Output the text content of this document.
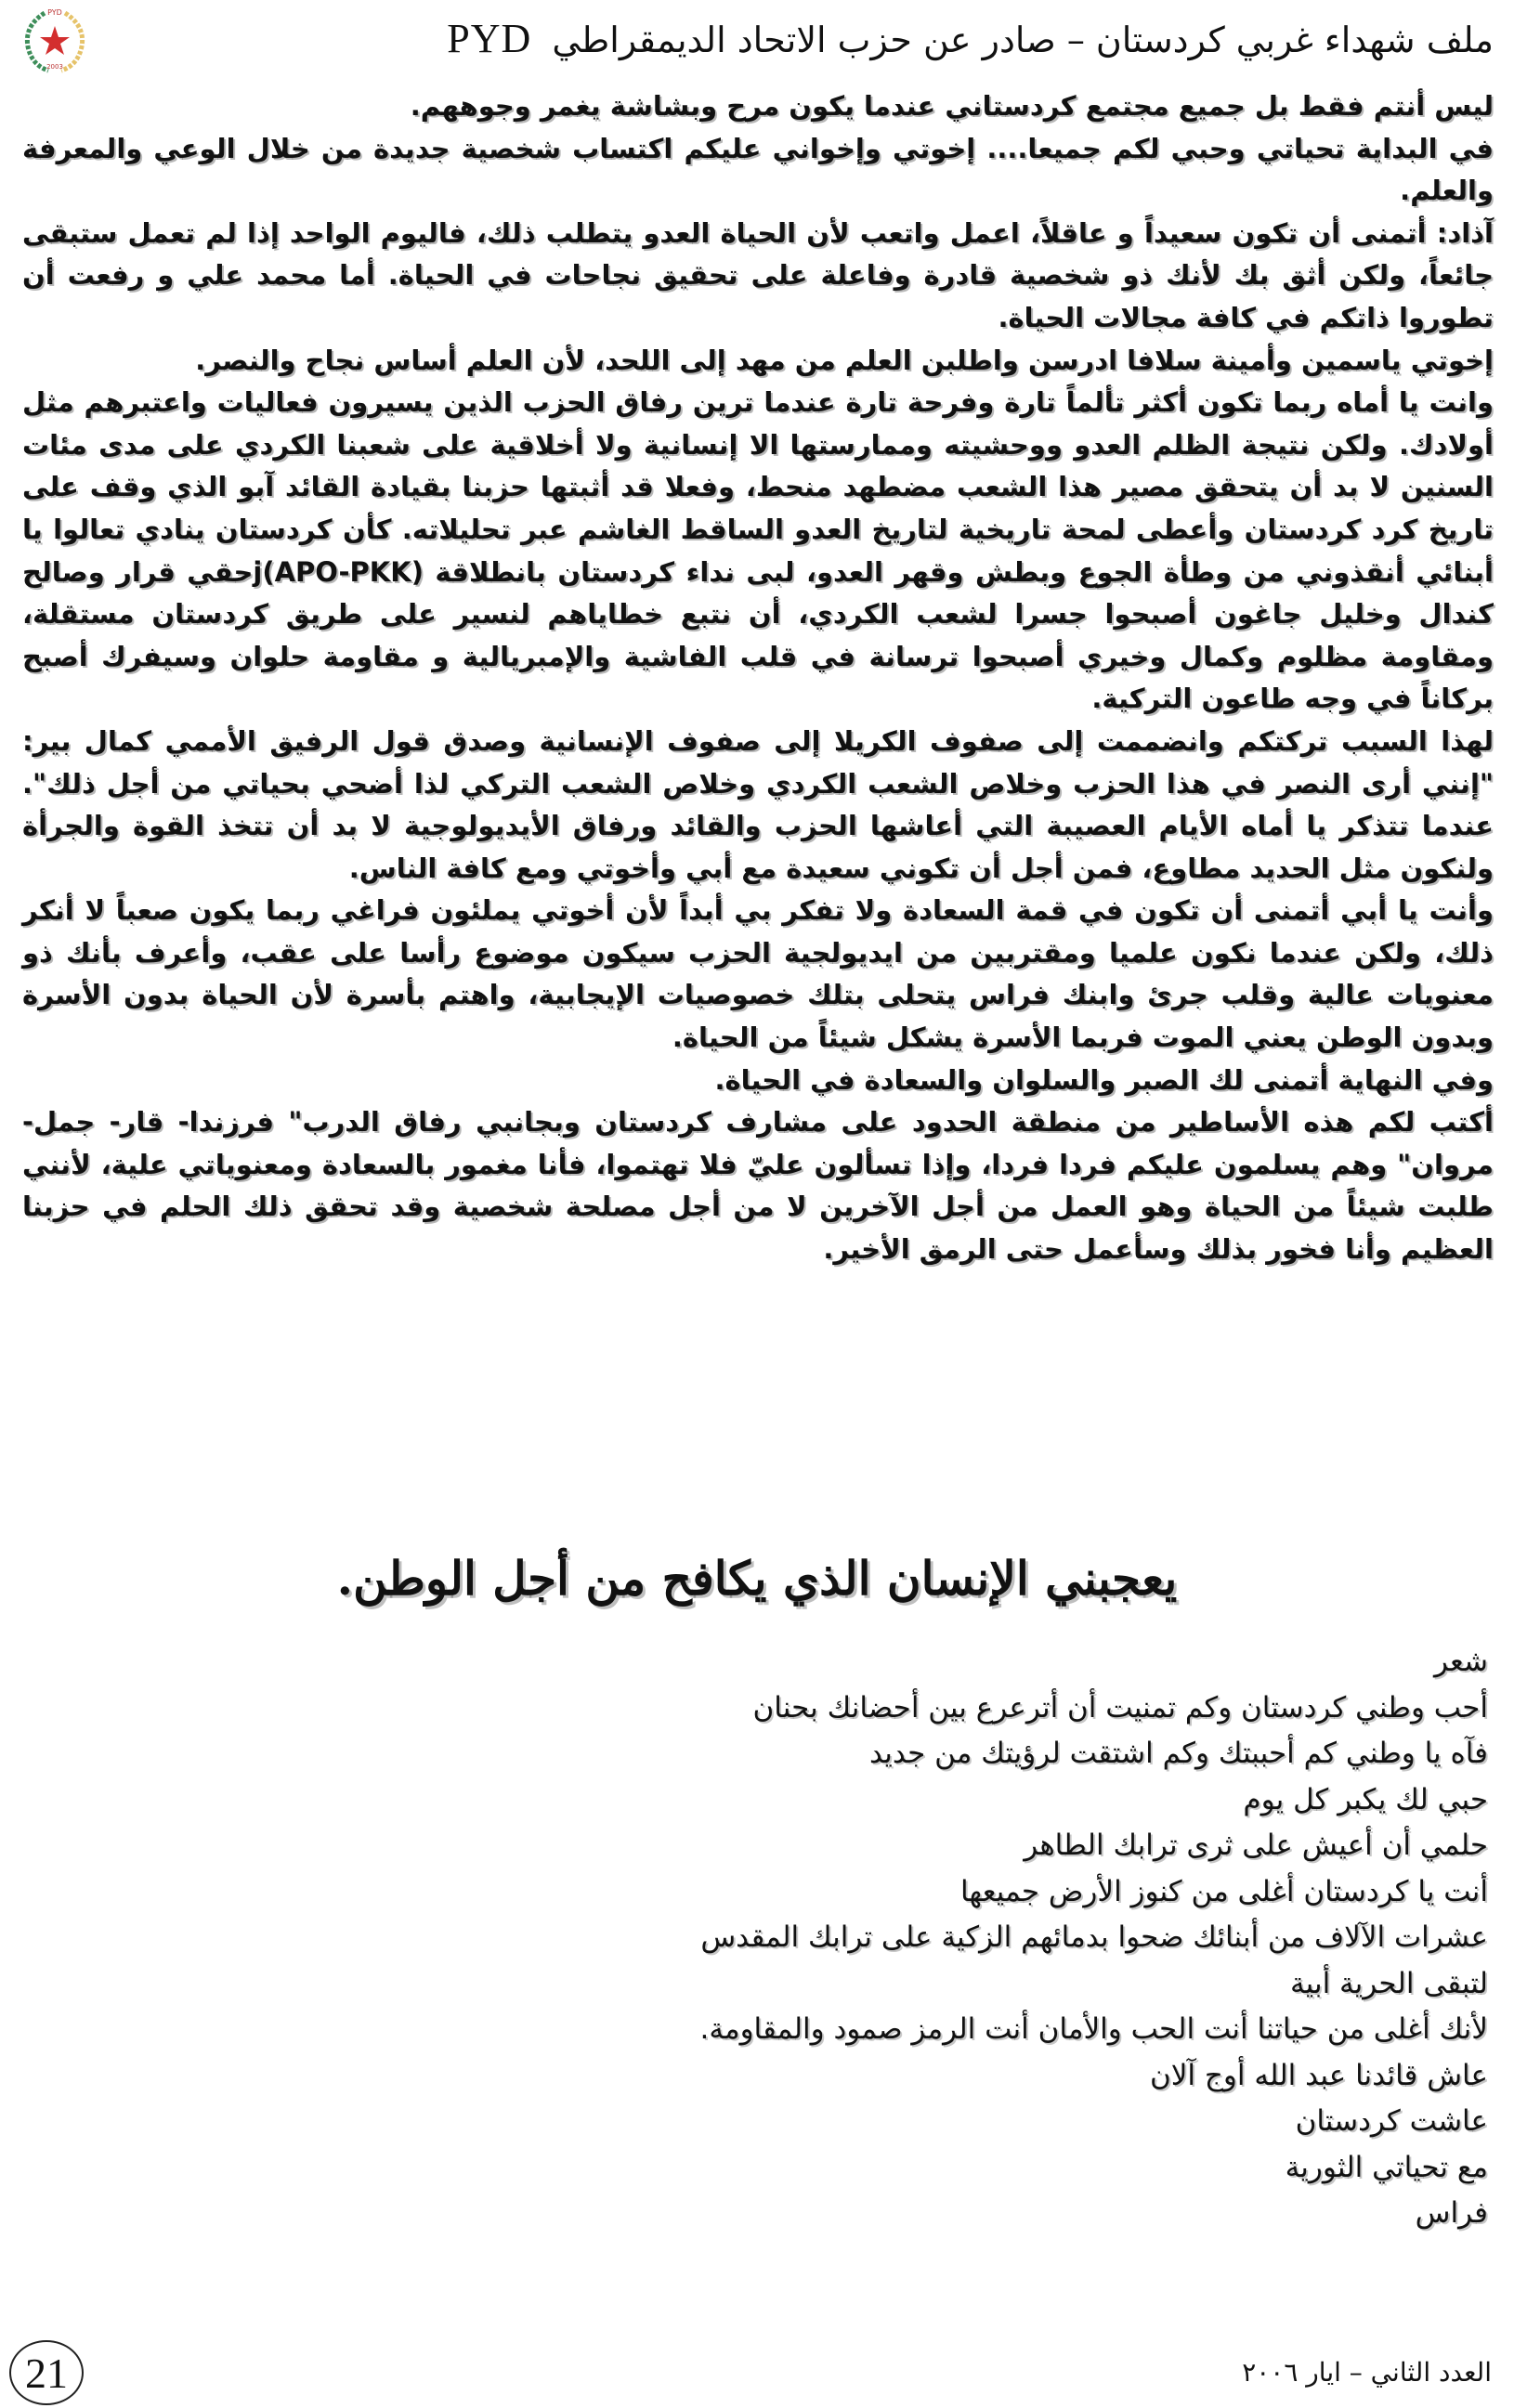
PYD
2003
ملف شهداء غربي كردستان – صادر عن حزب الاتحاد الديمقراطي PYD

ليس أنتم فقط بل جميع مجتمع كردستاني عندما يكون مرح وبشاشة يغمر وجوههم.

في البداية تحياتي وحبي لكم جميعا.... إخوتي وإخواني عليكم اكتساب شخصية جديدة من خلال الوعي والمعرفة والعلم.

آذاد: أتمنى أن تكون سعيداً و عاقلاً، اعمل واتعب لأن الحياة العدو يتطلب ذلك، فاليوم الواحد إذا لم تعمل ستبقى جائعاً، ولكن أثق بك لأنك ذو شخصية قادرة وفاعلة على تحقيق نجاحات في الحياة. أما محمد علي و رفعت أن تطوروا ذاتكم في كافة مجالات الحياة.

إخوتي ياسمين وأمينة سلافا ادرسن واطلبن العلم من مهد إلى اللحد، لأن العلم أساس نجاح والنصر.

وانت يا أماه ربما تكون أكثر تألماً تارة وفرحة تارة عندما ترين رفاق الحزب الذين يسيرون فعاليات واعتبرهم مثل أولادك. ولكن نتيجة الظلم العدو ووحشيته وممارستها الا إنسانية ولا أخلاقية على شعبنا الكردي على مدى مئات السنين لا بد أن يتحقق مصير هذا الشعب مضطهد منحط، وفعلا قد أثبتها حزبنا بقيادة القائد آبو الذي وقف على تاريخ كرد كردستان وأعطى لمحة تاريخية لتاريخ العدو الساقط الغاشم عبر تحليلاته. كأن كردستان ينادي تعالوا يا أبنائي أنقذوني من وطأة الجوع وبطش وقهر العدو، لبى نداء كردستان بانطلاقة j(APO-PKK)حقي قرار وصالح كندال وخليل جاغون أصبحوا جسرا لشعب الكردي، أن نتبع خطاياهم لنسير على طريق كردستان مستقلة، ومقاومة مظلوم وكمال وخيري أصبحوا ترسانة في قلب الفاشية والإمبريالية و مقاومة حلوان وسيفرك أصبح بركاناً في وجه طاعون التركية.

لهذا السبب تركتكم وانضممت إلى صفوف الكريلا إلى صفوف الإنسانية وصدق قول الرفيق الأممي كمال بير: "إنني أرى النصر في هذا الحزب وخلاص الشعب الكردي وخلاص الشعب التركي لذا أضحي بحياتي من أجل ذلك". عندما تتذكر يا أماه الأيام العصيبة التي أعاشها الحزب والقائد ورفاق الأيديولوجية لا بد أن تتخذ القوة والجرأة ولنكون مثل الحديد مطاوع، فمن أجل أن تكوني سعيدة مع أبي وأخوتي ومع كافة الناس.

وأنت يا أبي أتمنى أن تكون في قمة السعادة ولا تفكر بي أبداً لأن أخوتي يملئون فراغي ربما يكون صعباً لا أنكر ذلك، ولكن عندما نكون علميا ومقتربين من ايديولجية الحزب سيكون موضوع رأسا على عقب، وأعرف بأنك ذو معنويات عالية وقلب جرئ وابنك فراس يتحلى بتلك خصوصيات الإيجابية، واهتم بأسرة لأن الحياة بدون الأسرة وبدون الوطن يعني الموت فربما الأسرة يشكل شيئاً من الحياة.

وفي النهاية أتمنى لك الصبر والسلوان والسعادة في الحياة.

أكتب لكم هذه الأساطير من منطقة الحدود على مشارف كردستان وبجانبي رفاق الدرب" فرزندا- قار- جمل- مروان" وهم يسلمون عليكم فردا فردا، وإذا تسألون عليّ فلا تهتموا، فأنا مغمور بالسعادة ومعنوياتي علية، لأنني طلبت شيئاً من الحياة وهو العمل من أجل الآخرين لا من أجل مصلحة شخصية وقد تحقق ذلك الحلم في حزبنا العظيم وأنا فخور بذلك وسأعمل حتى الرمق الأخير.

يعجبني الإنسان الذي يكافح من أجل الوطن.
شعر
أحب وطني كردستان وكم تمنيت أن أترعرع بين أحضانك بحنان
فآه يا وطني كم أحببتك وكم اشتقت لرؤيتك من جديد
حبي لك يكبر كل يوم
حلمي أن أعيش على ثرى ترابك الطاهر
أنت يا كردستان أغلى من كنوز الأرض جميعها
عشرات الآلاف من أبنائك ضحوا بدمائهم الزكية على ترابك المقدس
لتبقى الحرية أبية
لأنك أغلى من حياتنا أنت الحب والأمان أنت الرمز صمود والمقاومة.
عاش قائدنا عبد الله أوج آلان
عاشت كردستان
مع تحياتي الثورية
فراس
21	العدد الثاني – ايار ٢٠٠٦
